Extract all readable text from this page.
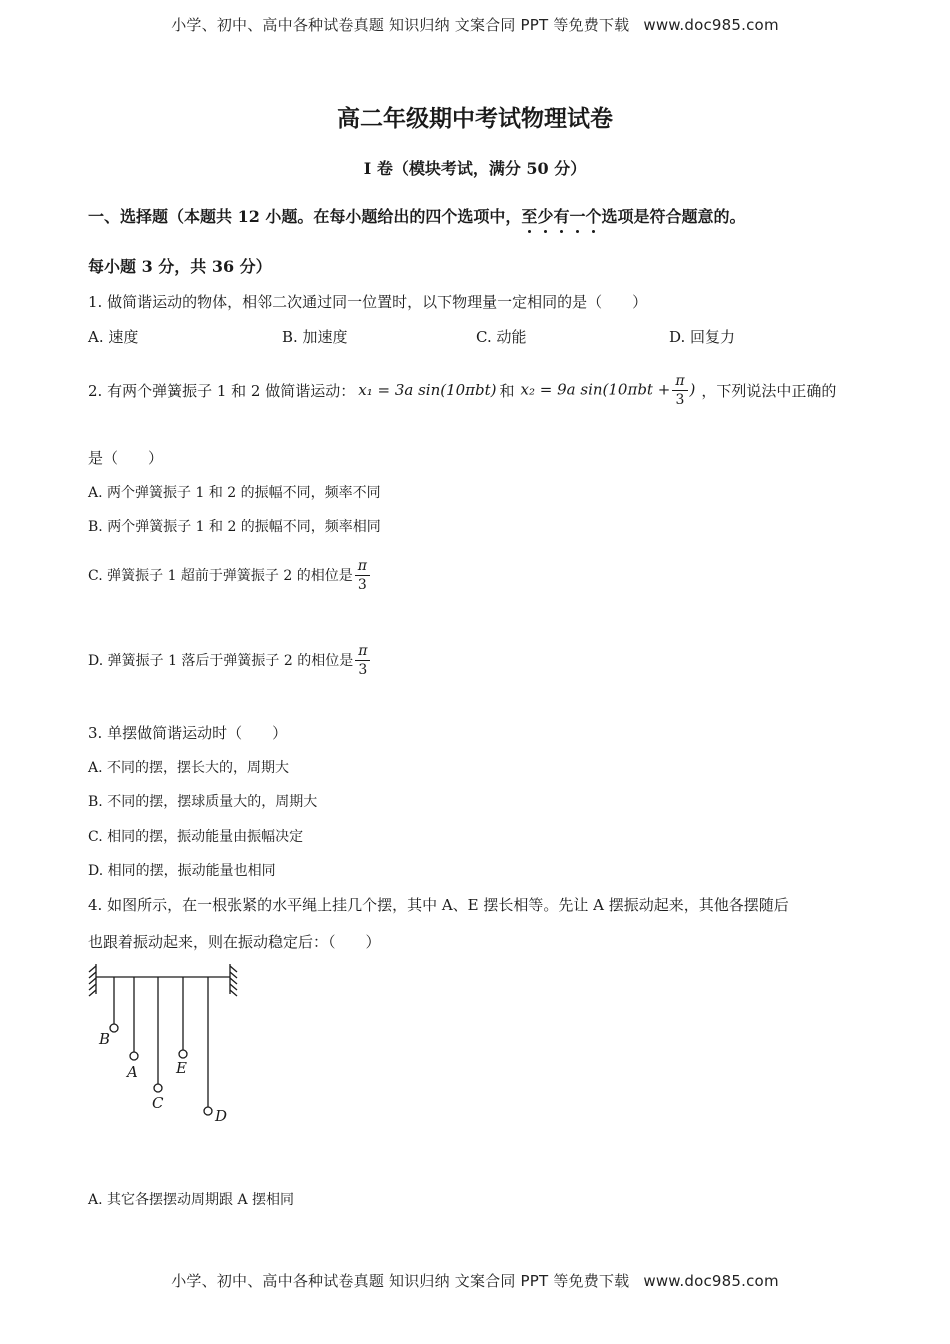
小学、初中、高中各种试卷真题 知识归纳 文案合同 PPT 等免费下载 www.doc985.com
高二年级期中考试物理试卷
I 卷（模块考试，满分 50 分）
一、选择题（本题共 12 小题。在每小题给出的四个选项中，至少有一个选项是符合题意的。
每小题 3 分，共 36 分）
1. 做简谐运动的物体，相邻二次通过同一位置时，以下物理量一定相同的是（　　）
A. 速度	B. 加速度	C. 动能	D. 回复力
2. 有两个弹簧振子 1 和 2 做简谐运动： x₁ = 3a sin(10πbt) 和 x₂ = 9a $\sin(10\pi bt + \frac{\pi}{3}$ ) ，下列说法中正确的
是（　　）
A. 两个弹簧振子 1 和 2 的振幅不同，频率不同
B. 两个弹簧振子 1 和 2 的振幅不同，频率相同
C. 弹簧振子 1 超前于弹簧振子 2 的相位是 $\frac{\pi}{3}$
D. 弹簧振子 1 落后于弹簧振子 2 的相位是 $\frac{\pi}{3}$
3. 单摆做简谐运动时（　　）
A. 不同的摆，摆长大的，周期大
B. 不同的摆，摆球质量大的，周期大
C. 相同的摆，振动能量由振幅决定
D. 相同的摆，振动能量也相同
4. 如图所示，在一根张紧的水平绳上挂几个摆，其中 A、E 摆长相等。先让 A 摆振动起来，其他各摆随后
也跟着振动起来，则在振动稳定后：（　　）
B
A	E
C
D
A. 其它各摆摆动周期跟 A 摆相同
小学、初中、高中各种试卷真题 知识归纳 文案合同 PPT 等免费下载 www.doc985.com
